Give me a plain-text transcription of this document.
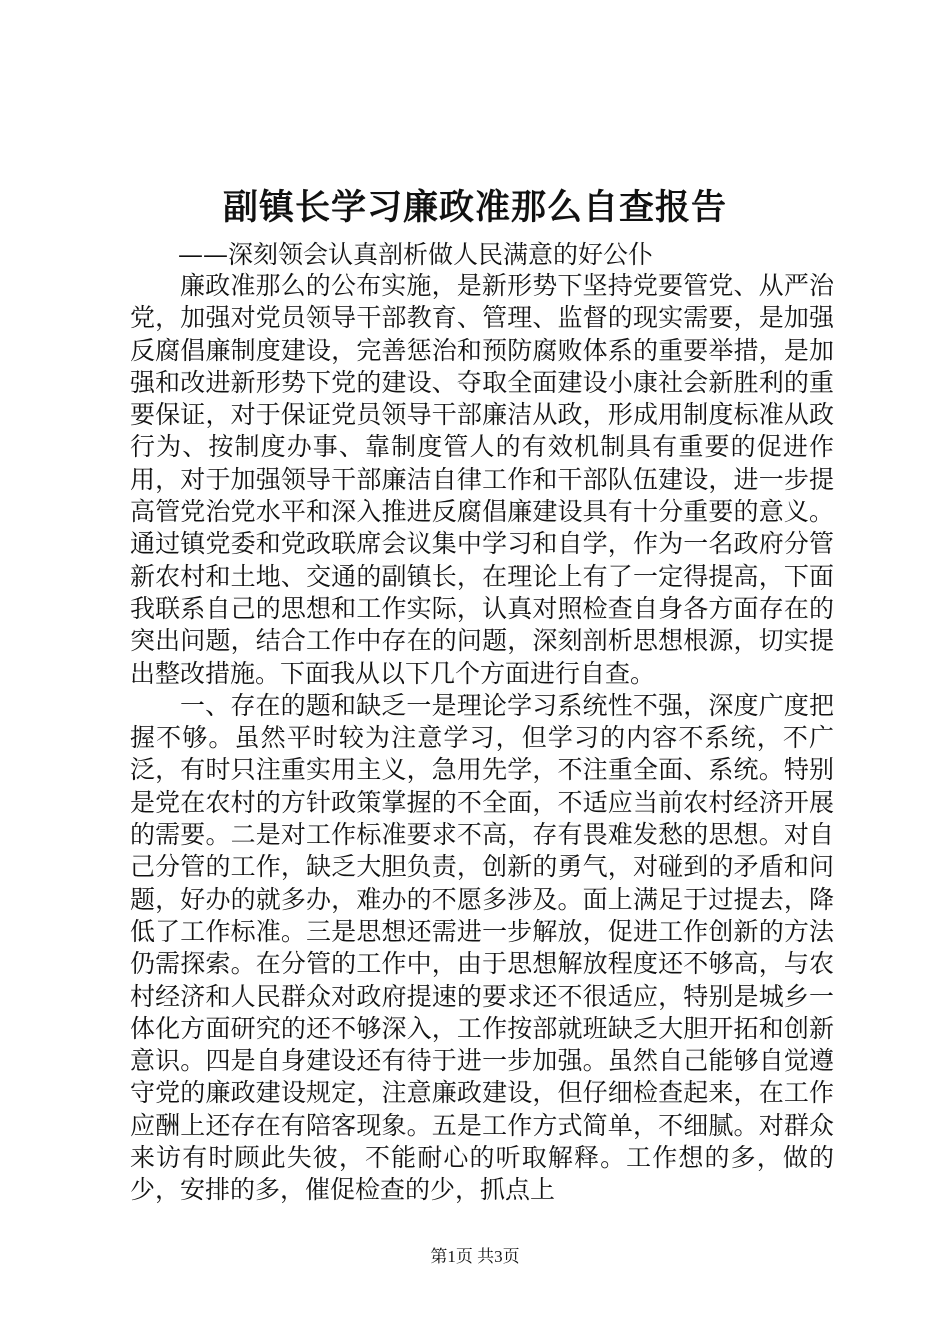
副镇长学习廉政准那么自查报告

——深刻领会认真剖析做人民满意的好公仆

廉政准那么的公布实施，是新形势下坚持党要管党、从严治党，加强对党员领导干部教育、管理、监督的现实需要，是加强反腐倡廉制度建设，完善惩治和预防腐败体系的重要举措，是加强和改进新形势下党的建设、夺取全面建设小康社会新胜利的重要保证，对于保证党员领导干部廉洁从政，形成用制度标准从政行为、按制度办事、靠制度管人的有效机制具有重要的促进作用，对于加强领导干部廉洁自律工作和干部队伍建设，进一步提高管党治党水平和深入推进反腐倡廉建设具有十分重要的意义。通过镇党委和党政联席会议集中学习和自学，作为一名政府分管新农村和土地、交通的副镇长，在理论上有了一定得提高，下面我联系自己的思想和工作实际，认真对照检查自身各方面存在的突出问题，结合工作中存在的问题，深刻剖析思想根源，切实提出整改措施。下面我从以下几个方面进行自查。

一、存在的题和缺乏一是理论学习系统性不强，深度广度把握不够。虽然平时较为注意学习，但学习的内容不系统，不广泛，有时只注重实用主义，急用先学，不注重全面、系统。特别是党在农村的方针政策掌握的不全面，不适应当前农村经济开展的需要。二是对工作标准要求不高，存有畏难发愁的思想。对自己分管的工作，缺乏大胆负责，创新的勇气，对碰到的矛盾和问题，好办的就多办，难办的不愿多涉及。面上满足于过提去，降低了工作标准。三是思想还需进一步解放，促进工作创新的方法仍需探索。在分管的工作中，由于思想解放程度还不够高，与农村经济和人民群众对政府提速的要求还不很适应，特别是城乡一体化方面研究的还不够深入，工作按部就班缺乏大胆开拓和创新意识。四是自身建设还有待于进一步加强。虽然自己能够自觉遵守党的廉政建设规定，注意廉政建设，但仔细检查起来，在工作应酬上还存在有陪客现象。五是工作方式简单，不细腻。对群众来访有时顾此失彼，不能耐心的听取解释。工作想的多，做的少，安排的多，催促检查的少，抓点上

第1页 共3页
